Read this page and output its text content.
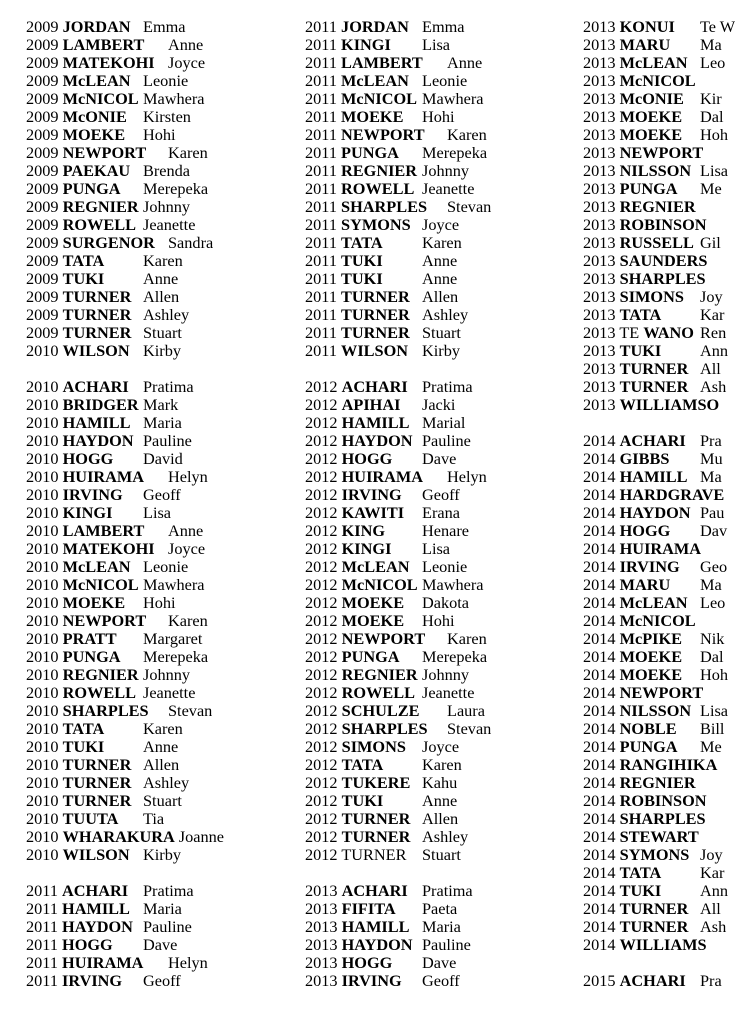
2009 JORDAN Emma
2009 LAMBERT Anne
2009 MATEKOHI Joyce
2009 McLEAN Leonie
2009 McNICOL Mawhera
2009 McONIE Kirsten
2009 MOEKE Hohi
2009 NEWPORT Karen
2009 PAEKAU Brenda
2009 PUNGA Merepeka
2009 REGNIER Johnny
2009 ROWELL Jeanette
2009 SURGENOR Sandra
2009 TATA Karen
2009 TUKI Anne
2009 TURNER Allen
2009 TURNER Ashley
2009 TURNER Stuart
2010 WILSON Kirby
2010 ACHARI Pratima
2010 BRIDGER Mark
2010 HAMILL Maria
2010 HAYDON Pauline
2010 HOGG David
2010 HUIRAMA Helyn
2010 IRVING Geoff
2010 KINGI Lisa
2010 LAMBERT Anne
2010 MATEKOHI Joyce
2010 McLEAN Leonie
2010 McNICOL Mawhera
2010 MOEKE Hohi
2010 NEWPORT Karen
2010 PRATT Margaret
2010 PUNGA Merepeka
2010 REGNIER Johnny
2010 ROWELL Jeanette
2010 SHARPLES Stevan
2010 TATA Karen
2010 TUKI Anne
2010 TURNER Allen
2010 TURNER Ashley
2010 TURNER Stuart
2010 TUUTA Tia
2010 WHARAKURA Joanne
2010 WILSON Kirby
2011 ACHARI Pratima
2011 HAMILL Maria
2011 HAYDON Pauline
2011 HOGG Dave
2011 HUIRAMA Helyn
2011 IRVING Geoff
2011 JORDAN Emma
2011 KINGI Lisa
2011 LAMBERT Anne
2011 McLEAN Leonie
2011 McNICOL Mawhera
2011 MOEKE Hohi
2011 NEWPORT Karen
2011 PUNGA Merepeka
2011 REGNIER Johnny
2011 ROWELL Jeanette
2011 SHARPLES Stevan
2011 SYMONS Joyce
2011 TATA Karen
2011 TUKI Anne
2011 TUKI Anne
2011 TURNER Allen
2011 TURNER Ashley
2011 TURNER Stuart
2011 WILSON Kirby
2012 ACHARI Pratima
2012 APIHAI Jacki
2012 HAMILL Marial
2012 HAYDON Pauline
2012 HOGG Dave
2012 HUIRAMA Helyn
2012 IRVING Geoff
2012 KAWITI Erana
2012 KING Henare
2012 KINGI Lisa
2012 McLEAN Leonie
2012 McNICOL Mawhera
2012 MOEKE Dakota
2012 MOEKE Hohi
2012 NEWPORT Karen
2012 PUNGA Merepeka
2012 REGNIER Johnny
2012 ROWELL Jeanette
2012 SCHULZE Laura
2012 SHARPLES Stevan
2012 SIMONS Joyce
2012 TATA Karen
2012 TUKERE Kahu
2012 TUKI Anne
2012 TURNER Allen
2012 TURNER Ashley
2012 TURNER Stuart
2013 ACHARI Pratima
2013 FIFITA Paeta
2013 HAMILL Maria
2013 HAYDON Pauline
2013 HOGG Dave
2013 IRVING Geoff
2013 KONUI Te W
2013 MARU Ma
2013 McLEAN Leo
2013 McNICOL
2013 McONIE Kir
2013 MOEKE Dal
2013 MOEKE Hoh
2013 NEWPORT
2013 NILSSON Lisa
2013 PUNGA Me
2013 REGNIER
2013 ROBINSON
2013 RUSSELL Gil
2013 SAUNDERS
2013 SHARPLES
2013 SIMONS Joy
2013 TATA Kar
2013 TE WANO Ren
2013 TUKI Ann
2013 TURNER All
2013 TURNER Ash
2013 WILLIAMSO
2014 ACHARI Pra
2014 GIBBS Mu
2014 HAMILL Ma
2014 HARDGRAVE
2014 HAYDON Pau
2014 HOGG Dav
2014 HUIRAMA
2014 IRVING Geo
2014 MARU Ma
2014 McLEAN Leo
2014 McNICOL
2014 McPIKE Nik
2014 MOEKE Dal
2014 MOEKE Hoh
2014 NEWPORT
2014 NILSSON Lisa
2014 NOBLE Bill
2014 PUNGA Me
2014 RANGIHIKA
2014 REGNIER
2014 ROBINSON
2014 SHARPLES
2014 STEWART
2014 SYMONS Joy
2014 TATA Kar
2014 TUKI Ann
2014 TURNER All
2014 TURNER Ash
2014 WILLIAMS
2015 ACHARI Pra
